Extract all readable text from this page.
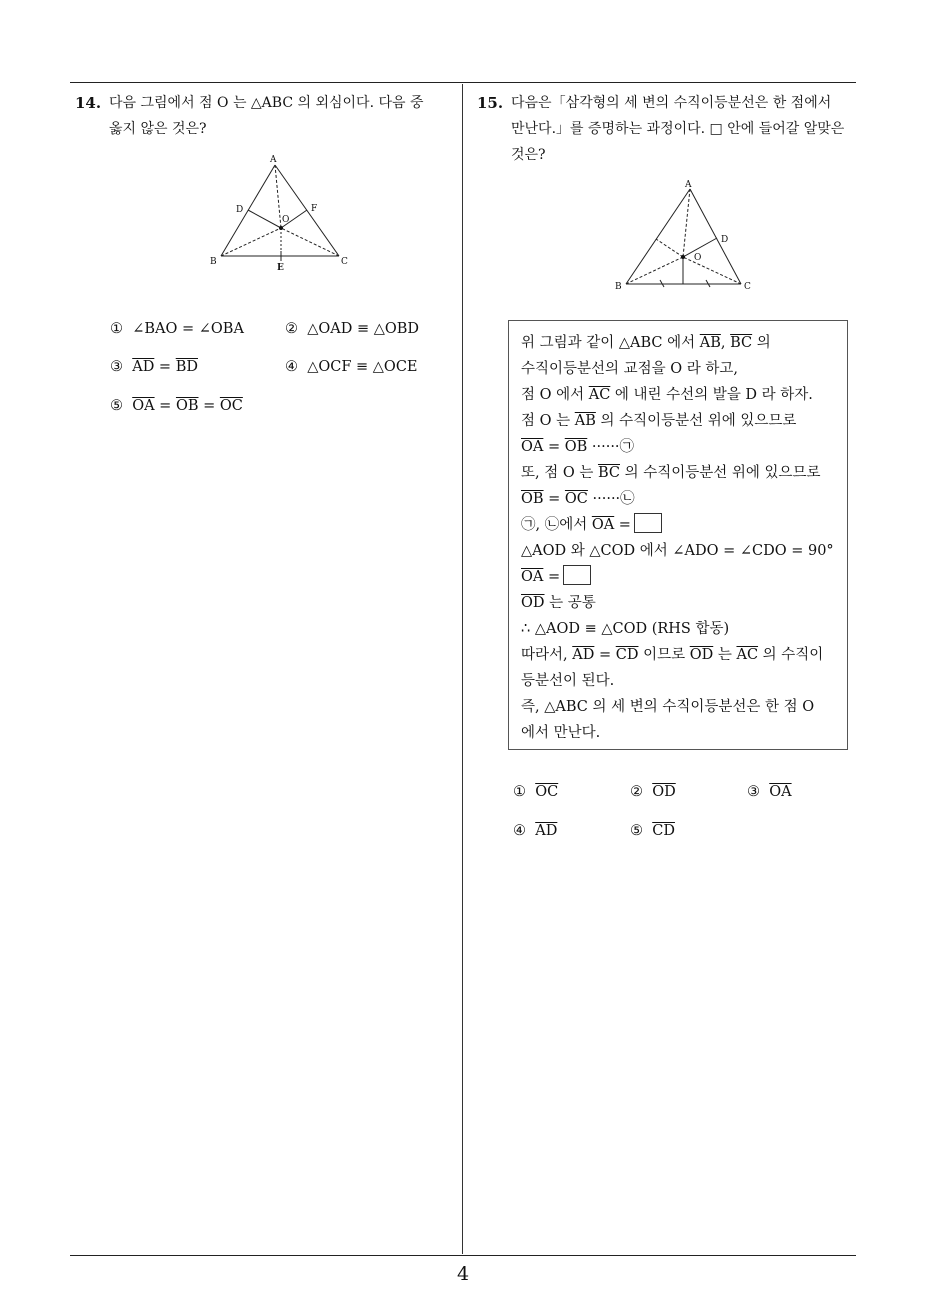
4
14. 다음 그림에서 점 O 는 △ABC 의 외심이다. 다음 중
옳지 않은 것은?
A
B	C
D
E
F
O
① ∠BAO = ∠OBA	② △OAD ≡ △OBD
③ $\overline{AD} = \overline{BD}$	④ △OCF ≡ △OCE
⑤ $\overline{OA} = \overline{OB} = \overline{OC}$
15. 다음은「삼각형의 세 변의 수직이등분선은 한 점에서
만난다.」를 증명하는 과정이다. □ 안에 들어갈 알맞은
것은?
A
B	C
D
O
위 그림과 같이 △ABC 에서 $\overline{AB}$, $\overline{BC}$ 의
수직이등분선의 교점을 O 라 하고,
점 O 에서 $\overline{AC}$ 에 내린 수선의 발을 D 라 하자.
점 O 는 $\overline{AB}$ 의 수직이등분선 위에 있으므로
$\overline{OA} = \overline{OB}$ ······㉠
또, 점 O 는 $\overline{BC}$ 의 수직이등분선 위에 있으므로
$\overline{OB} = \overline{OC}$ ······㉡
㉠, ㉡에서 $\overline{OA}$ =
△AOD 와 △COD 에서 ∠ADO = ∠CDO = 90°
$\overline{OA}$ =
$\overline{OD}$ 는 공통
∴ △AOD ≡ △COD (RHS 합동)
따라서, $\overline{AD} = \overline{CD}$ 이므로 $\overline{OD}$ 는 $\overline{AC}$ 의 수직이
등분선이 된다.
즉, △ABC 의 세 변의 수직이등분선은 한 점 O
에서 만난다.
① $\overline{OC}$	② $\overline{OD}$	③ $\overline{OA}$
④ $\overline{AD}$	⑤ $\overline{CD}$
